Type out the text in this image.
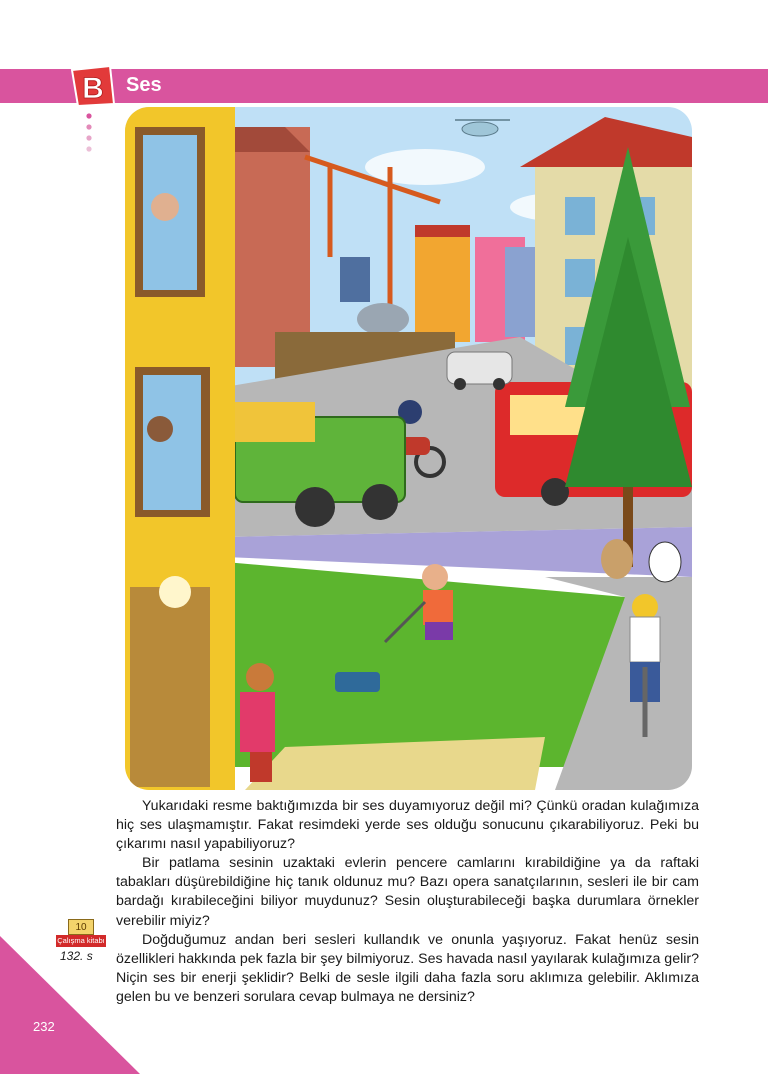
B Ses

Yukarıdaki resme baktığımızda bir ses duyamıyoruz değil mi? Çünkü oradan kulağımıza hiç ses ulaşmamıştır. Fakat resimdeki yerde ses olduğu sonucunu çıkarabiliyoruz. Peki bu çıkarımı nasıl yapabiliyoruz?

Bir patlama sesinin uzaktaki evlerin pencere camlarını kırabildiğine ya da raftaki tabakları düşürebildiğine hiç tanık oldunuz mu? Bazı opera sanatçılarının, sesleri ile bir cam bardağı kırabileceğini biliyor muydunuz? Sesin oluşturabileceği başka durumlara örnekler verebilir miyiz?

Doğduğumuz andan beri sesleri kullandık ve onunla yaşıyoruz. Fakat henüz sesin özellikleri hakkında pek fazla bir şey bilmiyoruz. Ses havada nasıl yayılarak kulağımıza gelir? Niçin ses bir enerji şeklidir? Belki de sesle ilgili daha fazla soru aklımıza gelebilir. Aklımıza gelen bu ve benzeri sorulara cevap bulmaya ne dersiniz?

10
Çalışma kitabı
132. s
232
